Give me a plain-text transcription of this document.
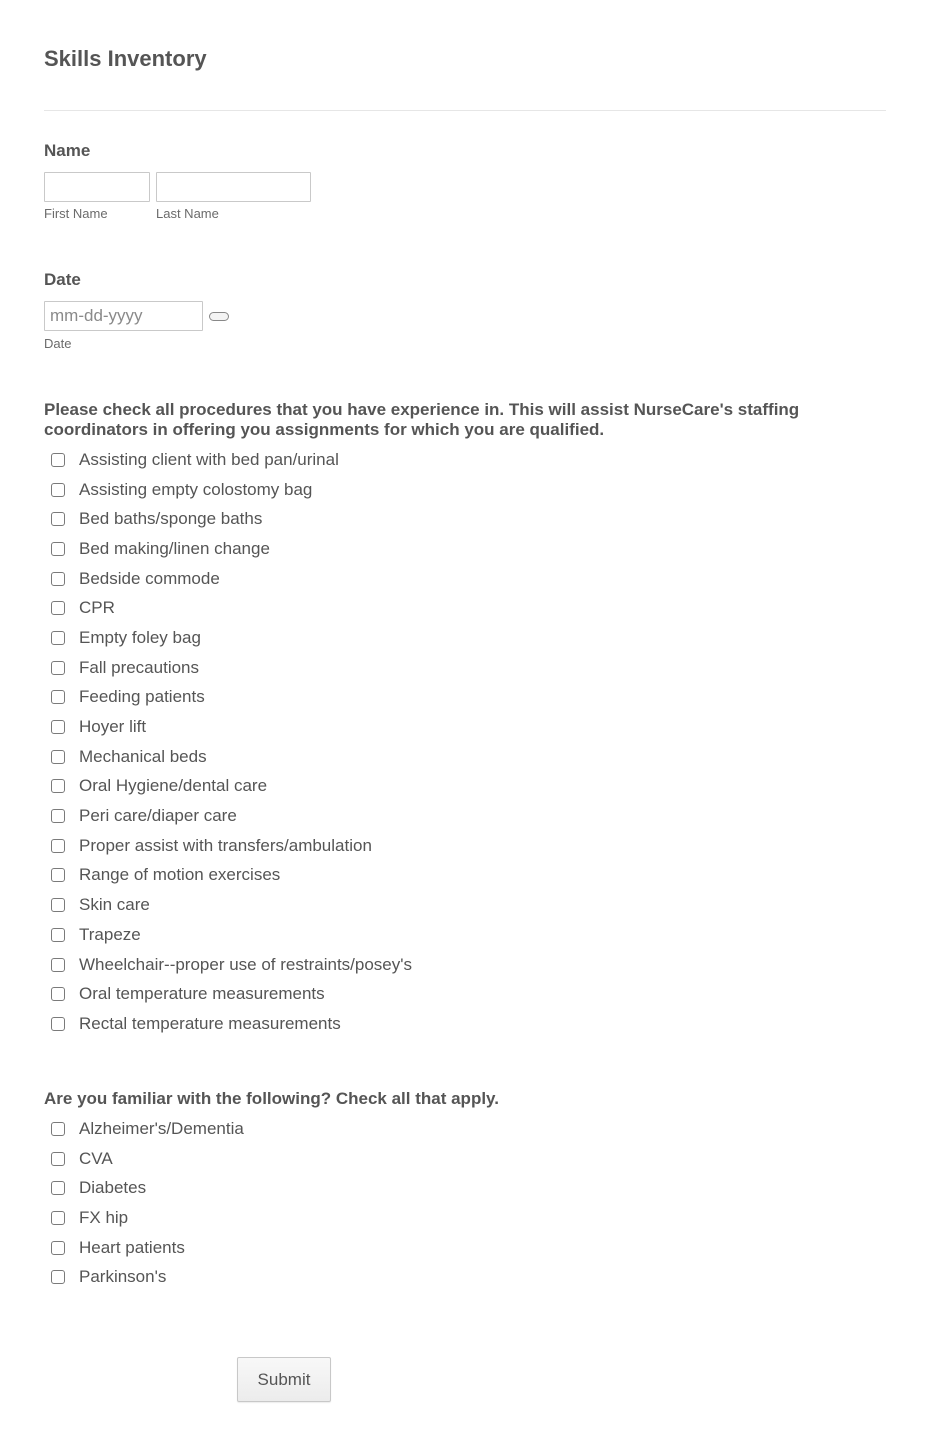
Skills Inventory
Name
First Name	Last Name
Date
mm-dd-yyyy
Date
Please check all procedures that you have experience in. This will assist NurseCare's staffing coordinators in offering you assignments for which you are qualified.
Assisting client with bed pan/urinal
Assisting empty colostomy bag
Bed baths/sponge baths
Bed making/linen change
Bedside commode
CPR
Empty foley bag
Fall precautions
Feeding patients
Hoyer lift
Mechanical beds
Oral Hygiene/dental care
Peri care/diaper care
Proper assist with transfers/ambulation
Range of motion exercises
Skin care
Trapeze
Wheelchair--proper use of restraints/posey's
Oral temperature measurements
Rectal temperature measurements
Are you familiar with the following? Check all that apply.
Alzheimer's/Dementia
CVA
Diabetes
FX hip
Heart patients
Parkinson's
Submit
